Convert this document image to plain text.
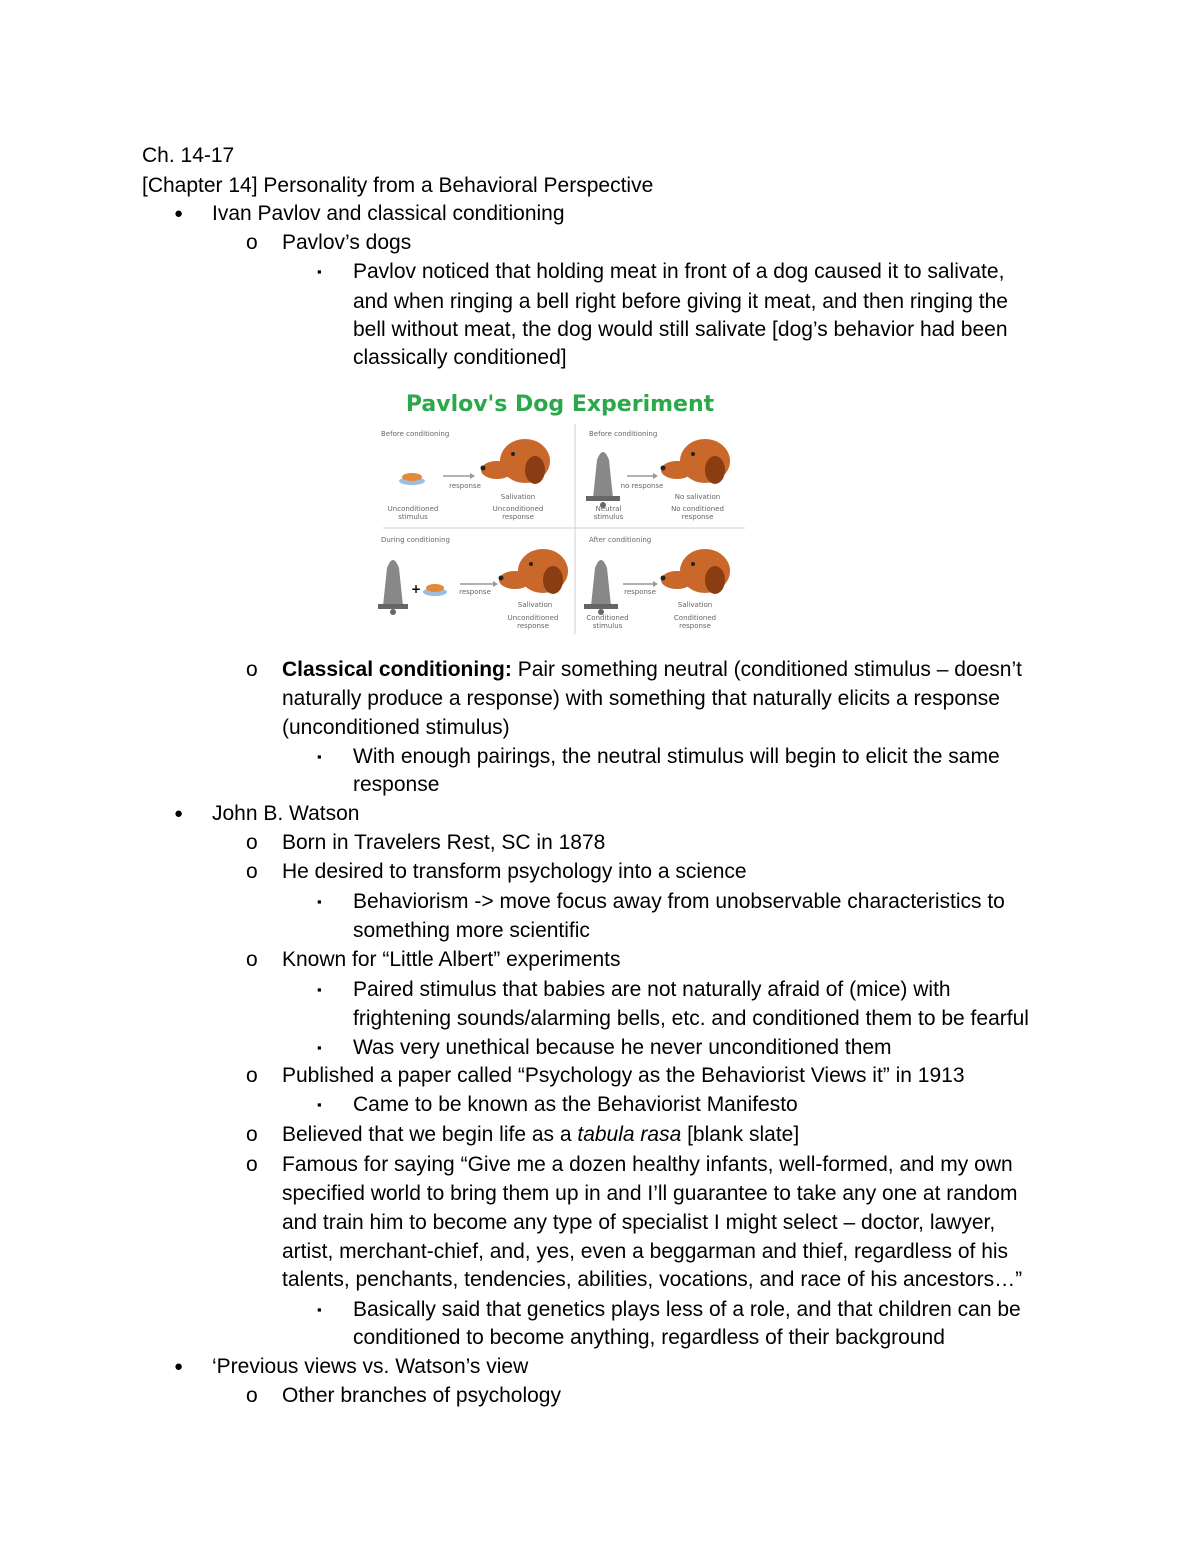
Ch. 14-17
[Chapter 14] Personality from a Behavioral Perspective
● Ivan Pavlov and classical conditioning
o Pavlov’s dogs
▪ Pavlov noticed that holding meat in front of a dog caused it to salivate,
and when ringing a bell right before giving it meat, and then ringing the
bell without meat, the dog would still salivate [dog’s behavior had been
classically conditioned]
Pavlov's Dog Experiment
+
Before conditioning
response
Unconditioned stimulus
Salivation
Unconditioned response
Before conditioning
no response
Neutral stimulus
No salivation
No conditioned response
During conditioning
response
Salivation
Unconditioned response
After conditioning
response
Conditioned stimulus
Salivation
Conditioned response
o Classical conditioning: Pair something neutral (conditioned stimulus – doesn’t
naturally produce a response) with something that naturally elicits a response
(unconditioned stimulus)
▪ With enough pairings, the neutral stimulus will begin to elicit the same
response
● John B. Watson
o Born in Travelers Rest, SC in 1878
o He desired to transform psychology into a science
▪ Behaviorism -> move focus away from unobservable characteristics to
something more scientific
o Known for “Little Albert” experiments
▪ Paired stimulus that babies are not naturally afraid of (mice) with
frightening sounds/alarming bells, etc. and conditioned them to be fearful
▪ Was very unethical because he never unconditioned them
o Published a paper called “Psychology as the Behaviorist Views it” in 1913
▪ Came to be known as the Behaviorist Manifesto
o Believed that we begin life as a tabula rasa [blank slate]
o Famous for saying “Give me a dozen healthy infants, well-formed, and my own
specified world to bring them up in and I’ll guarantee to take any one at random
and train him to become any type of specialist I might select – doctor, lawyer,
artist, merchant-chief, and, yes, even a beggarman and thief, regardless of his
talents, penchants, tendencies, abilities, vocations, and race of his ancestors…”
▪ Basically said that genetics plays less of a role, and that children can be
conditioned to become anything, regardless of their background
● ‘Previous views vs. Watson’s view
o Other branches of psychology
